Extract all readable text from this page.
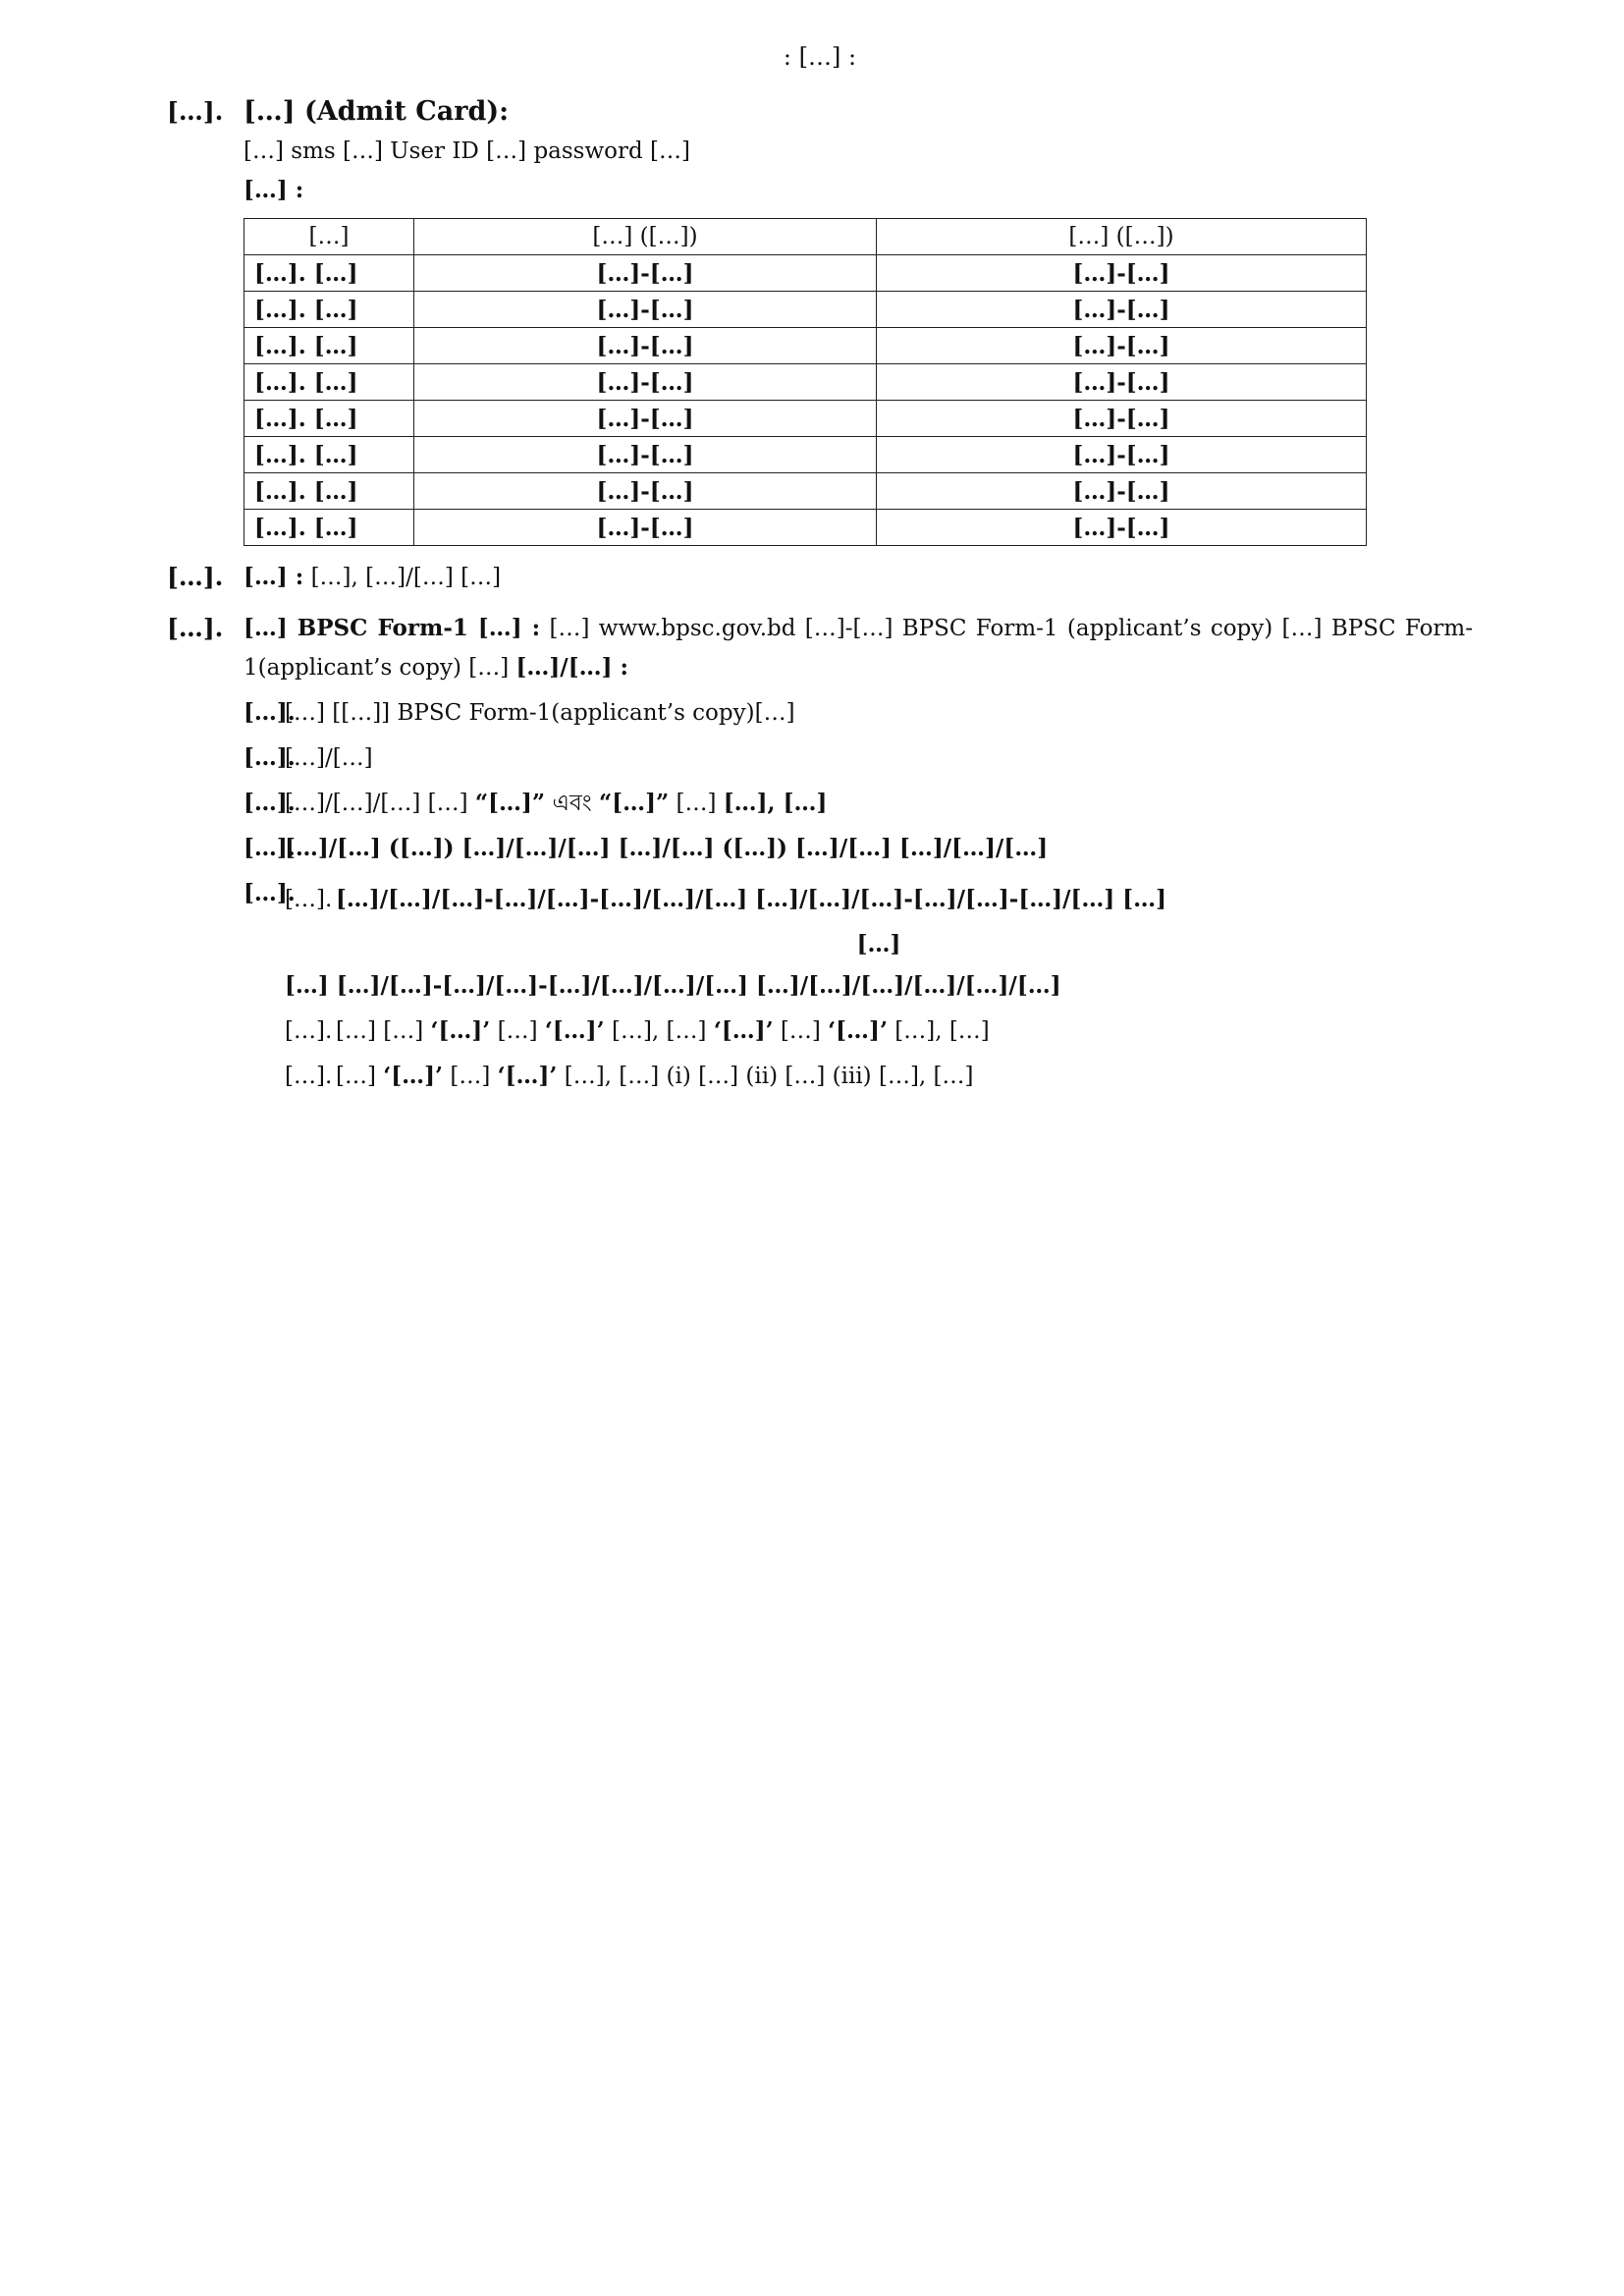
: […] :
[…]. […] (Admit Card):
[…] sms […] User ID […] password […]
[…] :
[…]	[…] ([…])	[…] ([…])
[…]. […]	[…]-[…]	[…]-[…]
[…]. […]	[…]-[…]	[…]-[…]
[…]. […]	[…]-[…]	[…]-[…]
[…]. […]	[…]-[…]	[…]-[…]
[…]. […]	[…]-[…]	[…]-[…]
[…]. […]	[…]-[…]	[…]-[…]
[…]. […]	[…]-[…]	[…]-[…]
[…]. […]	[…]-[…]	[…]-[…]
[…]. […] : […], […]/[…] […]
[…]. […] BPSC Form-1 […] : […] www.bpsc.gov.bd […]-[…] BPSC Form-1 (applicant’s copy) […] BPSC Form-1(applicant’s copy) […] […]/[…] :
[…].
[…] [[…]] BPSC Form-1(applicant’s copy)[…]
[…].
[…]/[…]
[…].
[…]/[…]/[…] […] “[…]” এবং “[…]” […] […], […]
[…].
[…]/[…] ([…]) […]/[…]/[…] […]/[…] ([…]) […]/[…] […]/[…]/[…]
[…].
[…]. […]/[…]/[…]-[…]/[…]-[…]/[…]/[…] […]/[…]/[…]-[…]/[…]-[…]/[…] […]
[…]
[…] […]/[…]-[…]/[…]-[…]/[…]/[…]/[…] […]/[…]/[…]/[…]/[…]/[…]
[…]. […] […] ‘[…]’ […] ‘[…]’ […], […] ‘[…]’ […] ‘[…]’ […], […]
[…]. […] ‘[…]’ […] ‘[…]’ […], […] (i) […] (ii) […] (iii) […], […]
